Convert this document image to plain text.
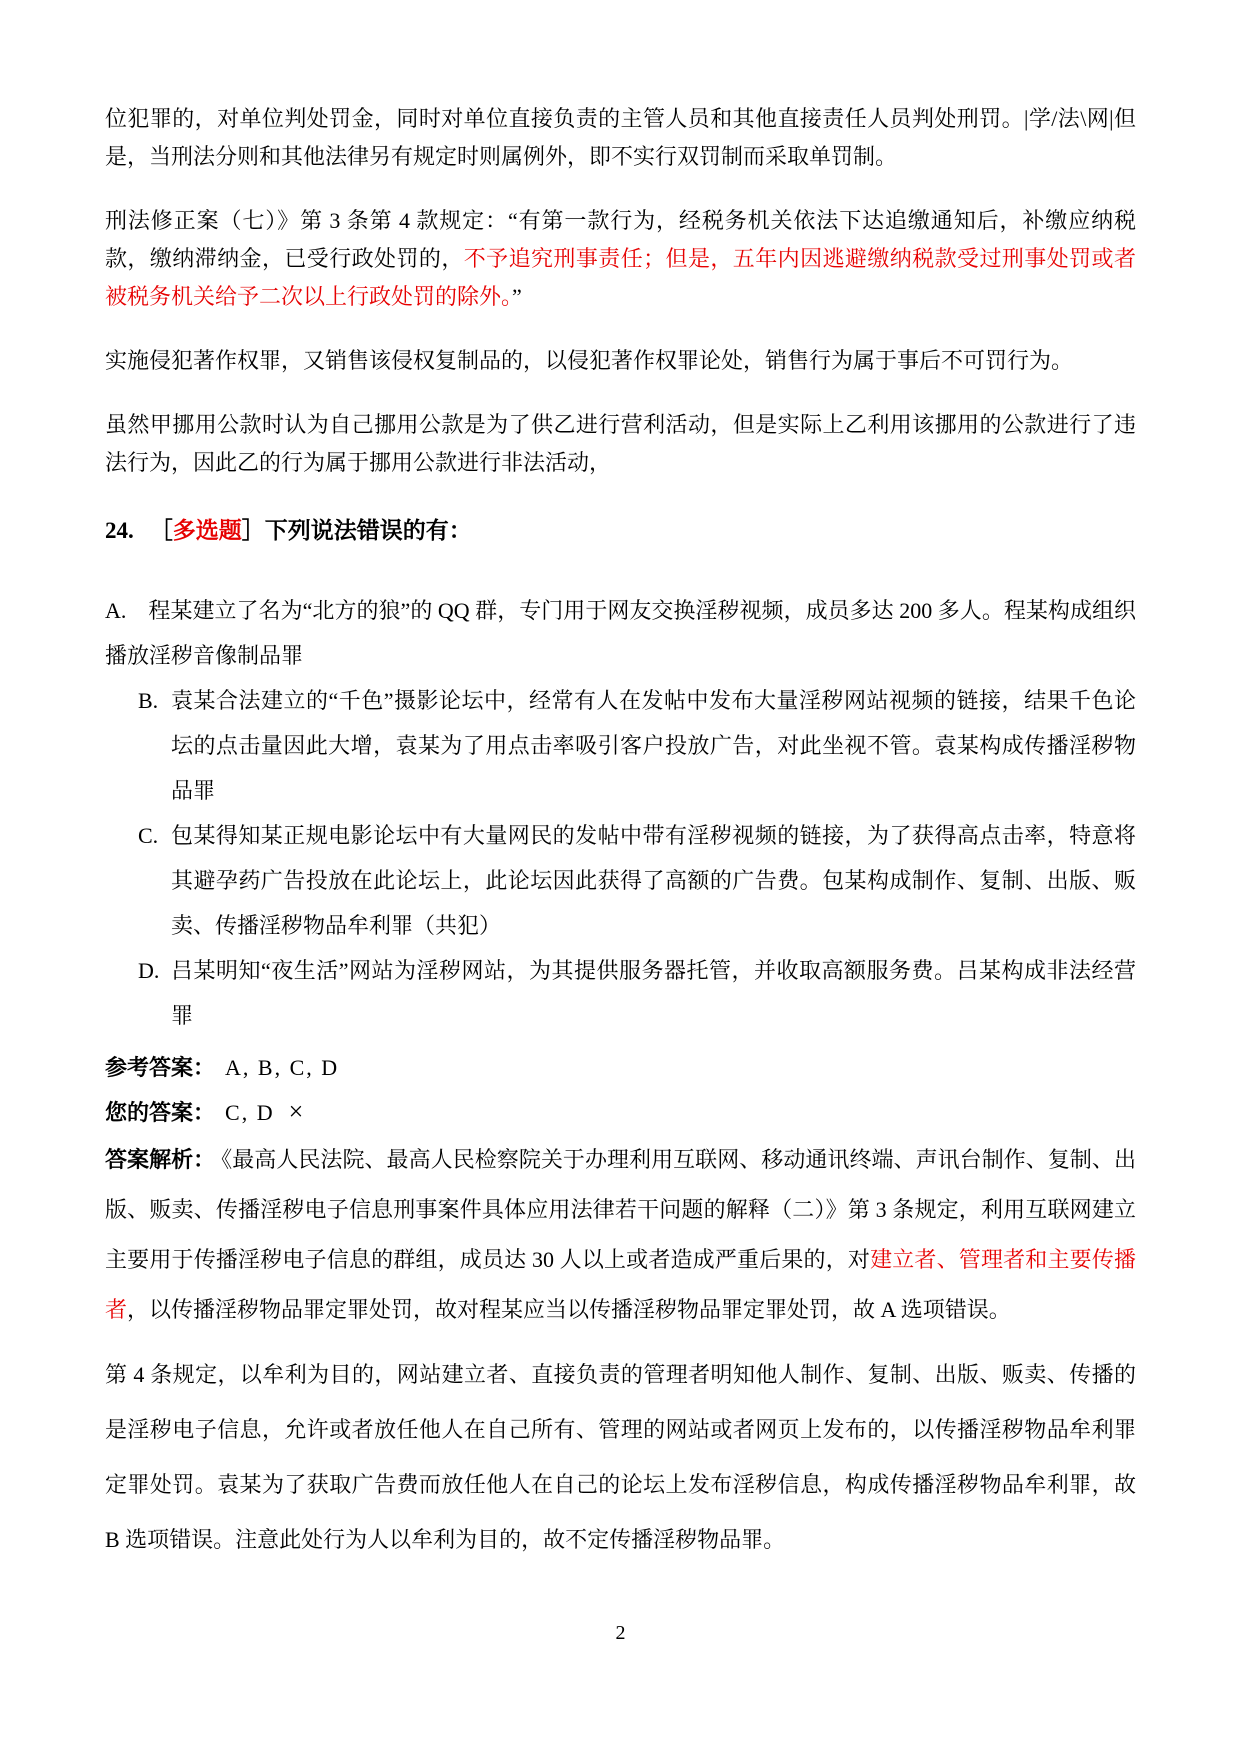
位犯罪的，对单位判处罚金，同时对单位直接负责的主管人员和其他直接责任人员判处刑罚。|学/法\网|但是，当刑法分则和其他法律另有规定时则属例外，即不实行双罚制而采取单罚制。

刑法修正案（七）》第 3 条第 4 款规定：“有第一款行为，经税务机关依法下达追缴通知后，补缴应纳税款，缴纳滞纳金，已受行政处罚的，不予追究刑事责任；但是，五年内因逃避缴纳税款受过刑事处罚或者被税务机关给予二次以上行政处罚的除外。”

实施侵犯著作权罪，又销售该侵权复制品的，以侵犯著作权罪论处，销售行为属于事后不可罚行为。

虽然甲挪用公款时认为自己挪用公款是为了供乙进行营利活动，但是实际上乙利用该挪用的公款进行了违法行为，因此乙的行为属于挪用公款进行非法活动，

24. ［多选题］下列说法错误的有：

A. 程某建立了名为“北方的狼”的 QQ 群，专门用于网友交换淫秽视频，成员多达 200 多人。程某构成组织播放淫秽音像制品罪

B. 袁某合法建立的“千色”摄影论坛中，经常有人在发帖中发布大量淫秽网站视频的链接，结果千色论坛的点击量因此大增，袁某为了用点击率吸引客户投放广告，对此坐视不管。袁某构成传播淫秽物品罪

C. 包某得知某正规电影论坛中有大量网民的发帖中带有淫秽视频的链接，为了获得高点击率，特意将其避孕药广告投放在此论坛上，此论坛因此获得了高额的广告费。包某构成制作、复制、出版、贩卖、传播淫秽物品牟利罪（共犯）

D. 吕某明知“夜生活”网站为淫秽网站，为其提供服务器托管，并收取高额服务费。吕某构成非法经营罪

参考答案： A, B, C, D

您的答案： C, D ×

答案解析： 《最高人民法院、最高人民检察院关于办理利用互联网、移动通讯终端、声讯台制作、复制、出版、贩卖、传播淫秽电子信息刑事案件具体应用法律若干问题的解释（二）》第 3 条规定，利用互联网建立主要用于传播淫秽电子信息的群组，成员达 30 人以上或者造成严重后果的，对建立者、管理者和主要传播者，以传播淫秽物品罪定罪处罚，故对程某应当以传播淫秽物品罪定罪处罚，故 A 选项错误。

第 4 条规定，以牟利为目的，网站建立者、直接负责的管理者明知他人制作、复制、出版、贩卖、传播的是淫秽电子信息，允许或者放任他人在自己所有、管理的网站或者网页上发布的，以传播淫秽物品牟利罪定罪处罚。袁某为了获取广告费而放任他人在自己的论坛上发布淫秽信息，构成传播淫秽物品牟利罪，故 B 选项错误。注意此处行为人以牟利为目的，故不定传播淫秽物品罪。

2
